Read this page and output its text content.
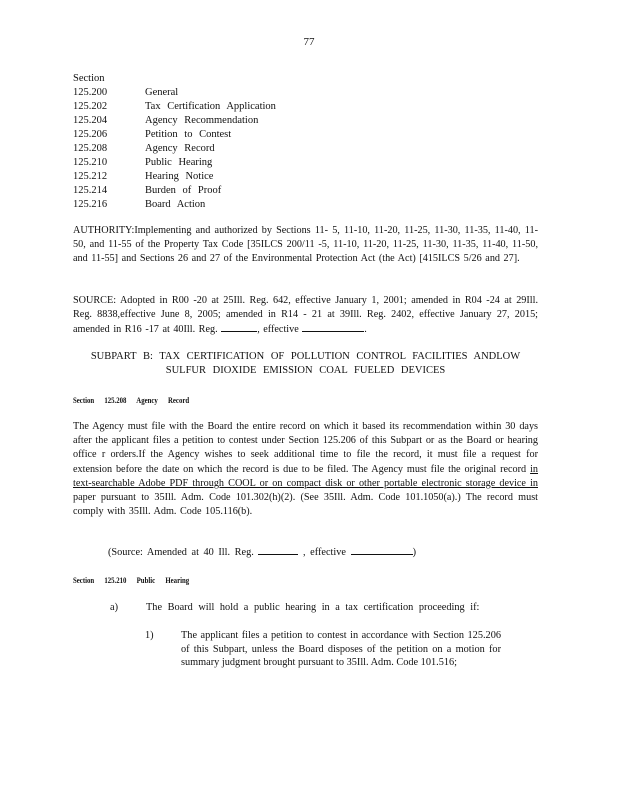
77
Section
125.200	General
125.202	Tax Certification Application
125.204	Agency Recommendation
125.206	Petition to Contest
125.208	Agency Record
125.210	Public Hearing
125.212	Hearing Notice
125.214	Burden of Proof
125.216	Board Action
AUTHORITY:Implementing and authorized by Sections 11- 5, 11-10, 11-20, 11-25, 11-30, 11-35, 11-40, 11-50, and 11-55 of the Property Tax Code [35ILCS 200/11 -5, 11-10, 11-20, 11-25, 11-30, 11-35, 11-40, 11-50, and 11-55] and Sections 26 and 27 of the Environmental Protection Act (the Act) [415ILCS 5/26 and 27].
SOURCE: Adopted in R00 -20 at 25Ill. Reg. 642, effective January 1, 2001; amended in R04 -24 at 29Ill. Reg. 8838,effective June 8, 2005; amended in R14 - 21 at 39Ill. Reg. 2402, effective January 27, 2015; amended in R16 -17 at 40Ill. Reg.	, effective	.
SUBPART B: TAX CERTIFICATION OF POLLUTION CONTROL FACILITIES ANDLOW
SULFUR DIOXIDE EMISSION COAL FUELED DEVICES
Section 125.208 Agency Record
The Agency must file with the Board the entire record on which it based its recommendation within 30 days after the applicant files a petition to contest under Section 125.206 of this Subpart or as the Board or hearing office r orders.If the Agency wishes to seek additional time to file the record, it must file a request for extension before the date on which the record is due to be filed. The Agency must file the original record in text-searchable Adobe PDF through COOL or on compact disk or other portable electronic storage device in paper pursuant to 35Ill. Adm. Code 101.302(h)(2). (See 35Ill. Adm. Code 101.1050(a).) The record must comply with 35Ill. Adm. Code 105.116(b).
(Source: Amended at 40 Ill. Reg.	, effective	)
Section 125.210 Public Hearing
a)	The Board will hold a public hearing in a tax certification proceeding if:
1)	The applicant files a petition to contest in accordance with Section 125.206 of this Subpart, unless the Board disposes of the petition on a motion for summary judgment brought pursuant to 35Ill. Adm. Code 101.516;
